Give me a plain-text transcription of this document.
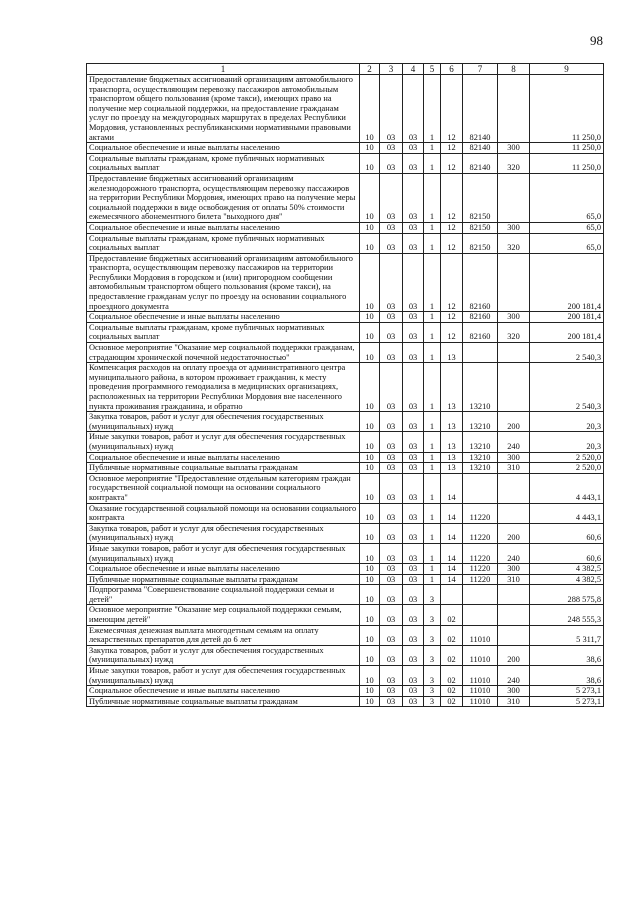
98
1	2	3	4	5	6	7	8	9
Предоставление бюджетных ассигнований организациям автомобильного транспорта, осуществляющим перевозку пассажиров автомобильным транспортом общего пользования (кроме такси), имеющих право на получение мер социальной поддержки, на предоставление гражданам услуг по проезду на междугородных маршрутах в пределах Республики Мордовия, установленных республиканскими нормативными правовыми актами	10	03	03	1	12	82140		11 250,0
Социальное обеспечение и иные выплаты населению	10	03	03	1	12	82140	300	11 250,0
Социальные выплаты гражданам, кроме публичных нормативных социальных выплат	10	03	03	1	12	82140	320	11 250,0
Предоставление бюджетных ассигнований организациям железнодорожного транспорта, осуществляющим перевозку пассажиров на территории Республики Мордовия, имеющих право на получение меры социальной поддержки в виде освобождения от оплаты 50% стоимости ежемесячного абонементного билета "выходного дня"	10	03	03	1	12	82150		65,0
Социальное обеспечение и иные выплаты населению	10	03	03	1	12	82150	300	65,0
Социальные выплаты гражданам, кроме публичных нормативных социальных выплат	10	03	03	1	12	82150	320	65,0
Предоставление бюджетных ассигнований организациям автомобильного транспорта, осуществляющим перевозку пассажиров на территории Республики Мордовия в городском и (или) пригородном сообщении автомобильным транспортом общего пользования (кроме такси), на предоставление гражданам услуг по проезду на основании социального проездного документа	10	03	03	1	12	82160		200 181,4
Социальное обеспечение и иные выплаты населению	10	03	03	1	12	82160	300	200 181,4
Социальные выплаты гражданам, кроме публичных нормативных социальных выплат	10	03	03	1	12	82160	320	200 181,4
Основное мероприятие "Оказание мер социальной поддержки гражданам, страдающим хронической почечной недостаточностью"	10	03	03	1	13			2 540,3
Компенсация расходов на оплату проезда от административного центра муниципального района, в котором проживает гражданин, к месту проведения программного гемодиализа в медицинских организациях, расположенных на территории Республики Мордовия вне населенного пункта проживания гражданина, и обратно	10	03	03	1	13	13210		2 540,3
Закупка товаров, работ и услуг для обеспечения государственных (муниципальных) нужд	10	03	03	1	13	13210	200	20,3
Иные закупки товаров, работ и услуг для обеспечения государственных (муниципальных) нужд	10	03	03	1	13	13210	240	20,3
Социальное обеспечение и иные выплаты населению	10	03	03	1	13	13210	300	2 520,0
Публичные нормативные социальные выплаты гражданам	10	03	03	1	13	13210	310	2 520,0
Основное мероприятие "Предоставление отдельным категориям граждан государственной социальной помощи на основании социального контракта"	10	03	03	1	14			4 443,1
Оказание государственной социальной помощи на основании социального контракта	10	03	03	1	14	11220		4 443,1
Закупка товаров, работ и услуг для обеспечения государственных (муниципальных) нужд	10	03	03	1	14	11220	200	60,6
Иные закупки товаров, работ и услуг для обеспечения государственных (муниципальных) нужд	10	03	03	1	14	11220	240	60,6
Социальное обеспечение и иные выплаты населению	10	03	03	1	14	11220	300	4 382,5
Публичные нормативные социальные выплаты гражданам	10	03	03	1	14	11220	310	4 382,5
Подпрограмма "Совершенствование социальной поддержки семьи и детей"	10	03	03	3				288 575,8
Основное мероприятие "Оказание мер социальной поддержки семьям, имеющим детей"	10	03	03	3	02			248 555,3
Ежемесячная денежная выплата многодетным семьям на оплату лекарственных препаратов для детей до 6 лет	10	03	03	3	02	11010		5 311,7
Закупка товаров, работ и услуг для обеспечения государственных (муниципальных) нужд	10	03	03	3	02	11010	200	38,6
Иные закупки товаров, работ и услуг для обеспечения государственных (муниципальных) нужд	10	03	03	3	02	11010	240	38,6
Социальное обеспечение и иные выплаты населению	10	03	03	3	02	11010	300	5 273,1
Публичные нормативные социальные выплаты гражданам	10	03	03	3	02	11010	310	5 273,1
